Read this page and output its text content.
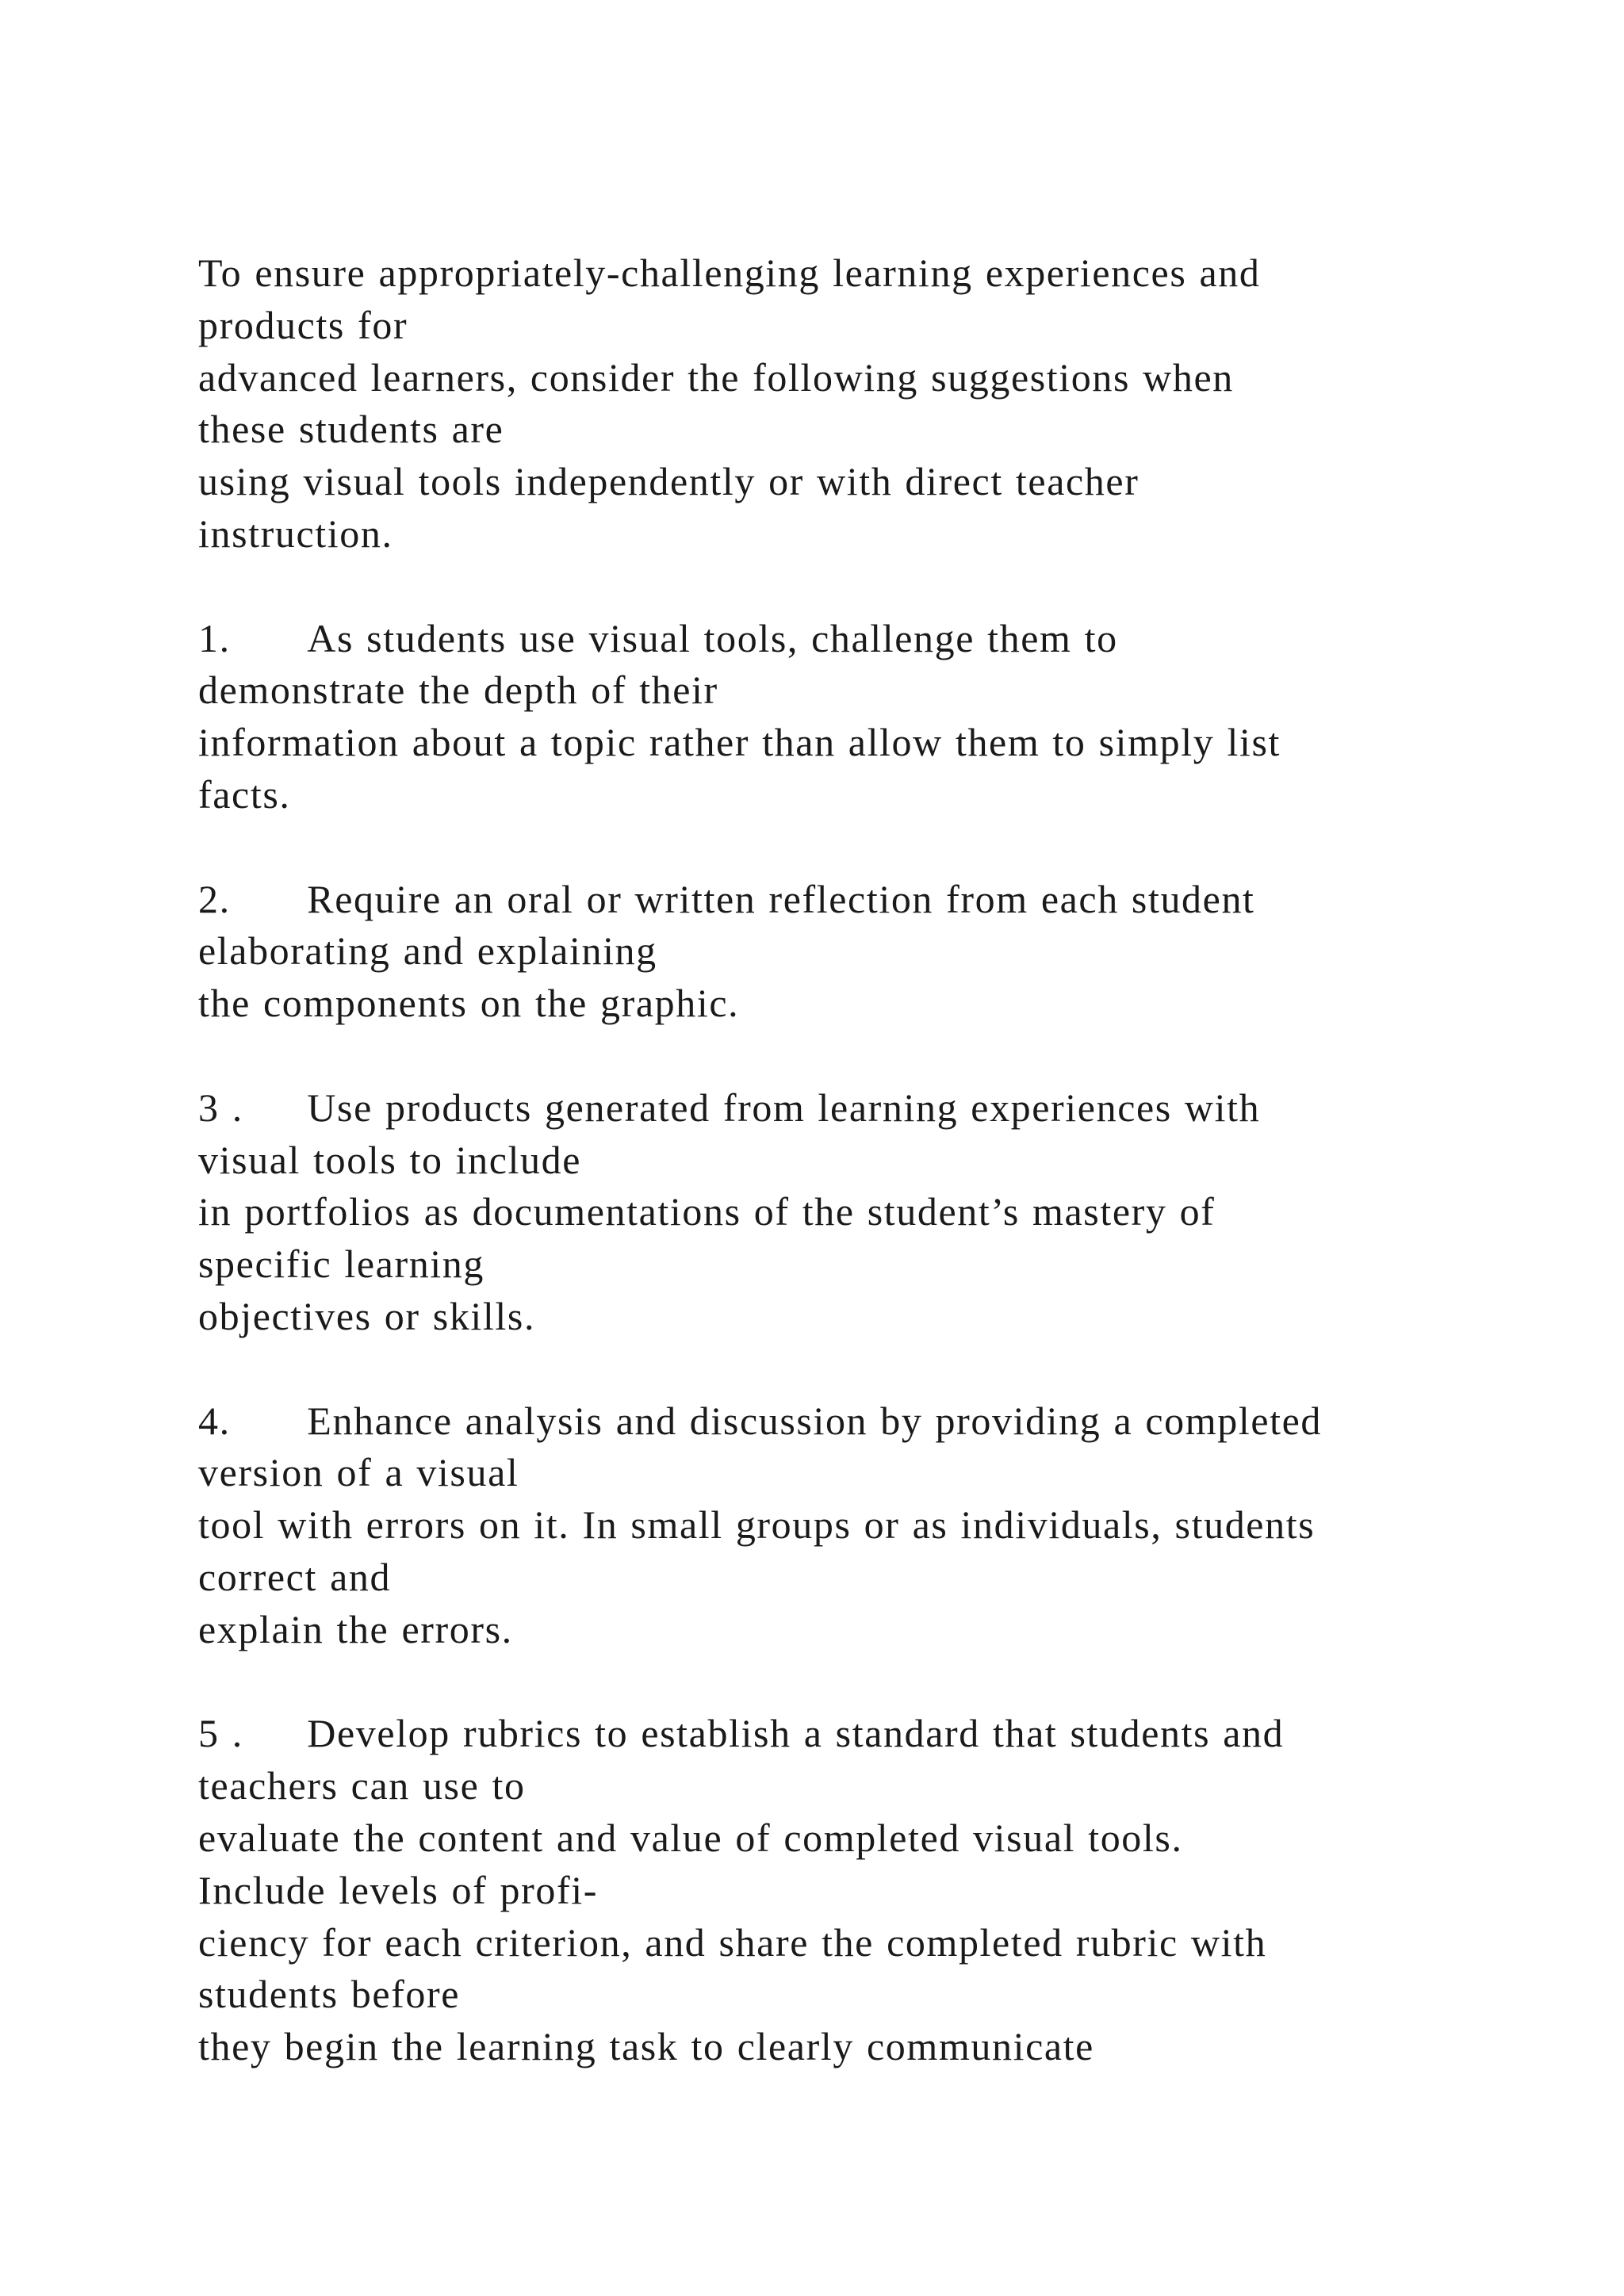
To ensure appropriately-challenging learning experiences and
products for
advanced learners, consider the following suggestions when
these students are
using visual tools independently or with direct teacher
instruction.
1.      As students use visual tools, challenge them to
demonstrate the depth of their
information about a topic rather than allow them to simply list
facts.
2.      Require an oral or written reflection from each student
elaborating and explaining
the components on the graphic.
3 .     Use products generated from learning experiences with
visual tools to include
in portfolios as documentations of the student’s mastery of
specific learning
objectives or skills.
4.      Enhance analysis and discussion by providing a completed
version of a visual
tool with errors on it. In small groups or as individuals, students
correct and
explain the errors.
5 .     Develop rubrics to establish a standard that students and
teachers can use to
evaluate the content and value of completed visual tools.
Include levels of profi-
ciency for each criterion, and share the completed rubric with
students before
they begin the learning task to clearly communicate
